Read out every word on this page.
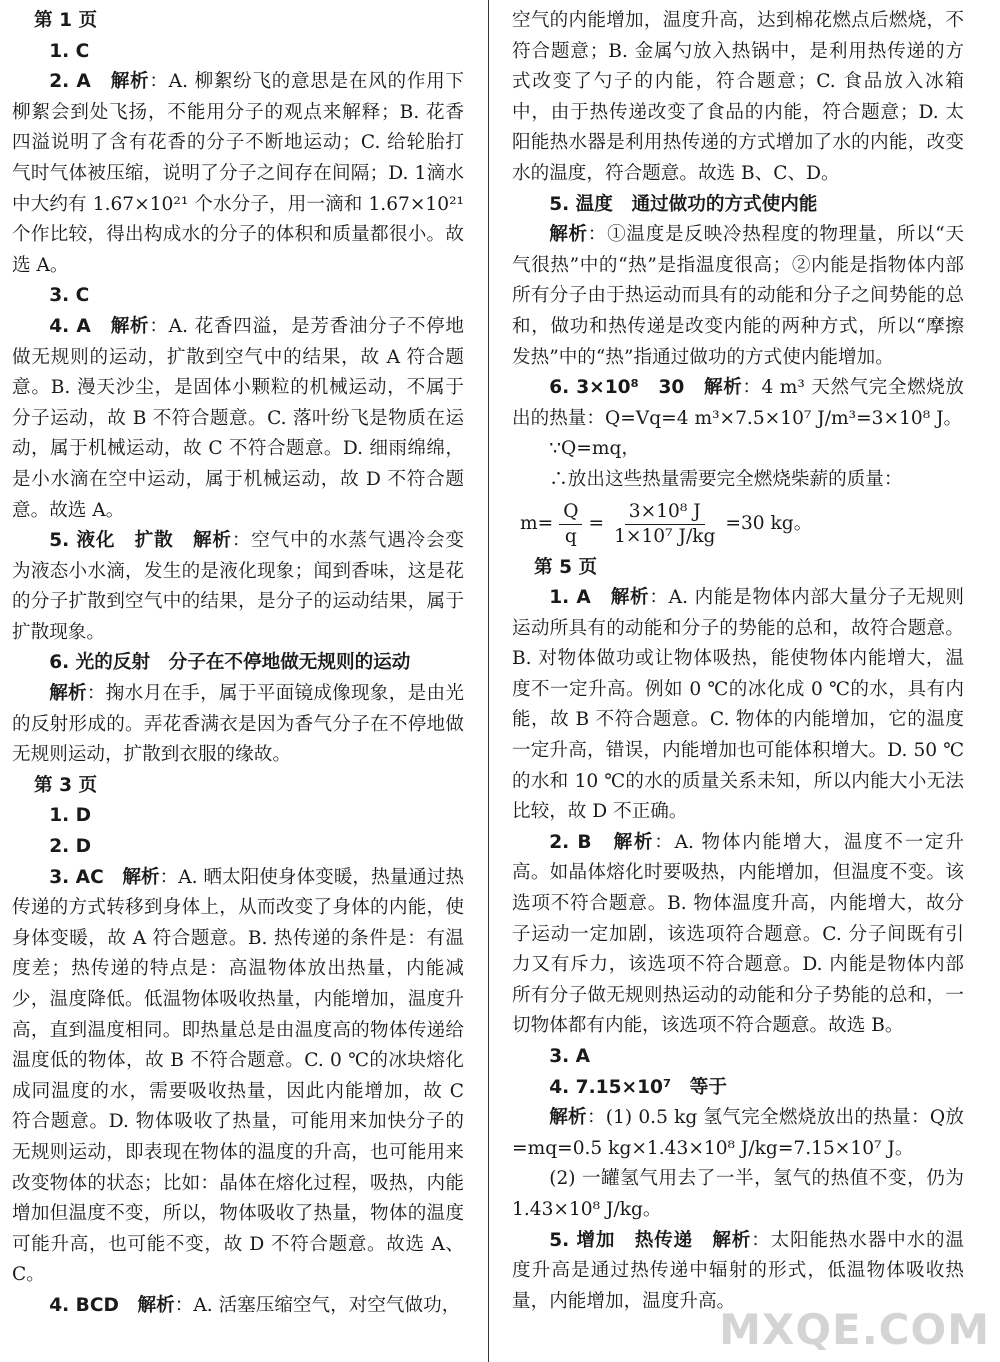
第 1 页

1. C

2. A　 解析：A. 柳絮纷飞的意思是在风的作用下柳絮会到处飞扬，不能用分子的观点来解释；B. 花香四溢说明了含有花香的分子不断地运动；C. 给轮胎打气时气体被压缩，说明了分子之间存在间隔；D. 1滴水中大约有 1.67×10²¹ 个水分子，用一滴和 1.67×10²¹ 个作比较，得出构成水的分子的体积和质量都很小。故选 A。

3. C

4. A　 解析：A. 花香四溢，是芳香油分子不停地做无规则的运动，扩散到空气中的结果，故 A 符合题意。B. 漫天沙尘，是固体小颗粒的机械运动，不属于分子运动，故 B 不符合题意。C. 落叶纷飞是物质在运动，属于机械运动，故 C 不符合题意。D. 细雨绵绵，是小水滴在空中运动，属于机械运动，故 D 不符合题意。故选 A。

5. 液化　扩散　 解析：空气中的水蒸气遇冷会变为液态小水滴，发生的是液化现象；闻到香味，这是花的分子扩散到空气中的结果，是分子的运动结果，属于扩散现象。

6. 光的反射　分子在不停地做无规则的运动

解析：掬水月在手，属于平面镜成像现象，是由光的反射形成的。弄花香满衣是因为香气分子在不停地做无规则运动，扩散到衣服的缘故。

第 3 页

1. D

2. D

3. AC　 解析：A. 晒太阳使身体变暖，热量通过热传递的方式转移到身体上，从而改变了身体的内能，使身体变暖，故 A 符合题意。B. 热传递的条件是：有温度差；热传递的特点是：高温物体放出热量，内能减少，温度降低。低温物体吸收热量，内能增加，温度升高，直到温度相同。即热量总是由温度高的物体传递给温度低的物体，故 B 不符合题意。C. 0 ℃的冰块熔化成同温度的水，需要吸收热量，因此内能增加，故 C 符合题意。D. 物体吸收了热量，可能用来加快分子的无规则运动，即表现在物体的温度的升高，也可能用来改变物体的状态；比如：晶体在熔化过程，吸热，内能增加但温度不变，所以，物体吸收了热量，物体的温度可能升高，也可能不变，故 D 不符合题意。故选 A、C。

4. BCD　 解析：A. 活塞压缩空气，对空气做功，

空气的内能增加，温度升高，达到棉花燃点后燃烧，不符合题意；B. 金属勺放入热锅中，是利用热传递的方式改变了勺子的内能，符合题意；C. 食品放入冰箱中，由于热传递改变了食品的内能，符合题意；D. 太阳能热水器是利用热传递的方式增加了水的内能，改变水的温度，符合题意。故选 B、C、D。

5. 温度　通过做功的方式使内能

解析：①温度是反映冷热程度的物理量，所以“天气很热”中的“热”是指温度很高；②内能是指物体内部所有分子由于热运动而具有的动能和分子之间势能的总和，做功和热传递是改变内能的两种方式，所以“摩擦发热”中的“热”指通过做功的方式使内能增加。

6. 3×10⁸　30　 解析：4 m³ 天然气完全燃烧放出的热量：Q=Vq=4 m³×7.5×10⁷ J/m³=3×10⁸ J。

∵Q=mq，

∴放出这些热量需要完全燃烧柴薪的质量：

$m= \frac{Q}{q} = \frac{\text{3×10⁸ J}}{\text{1×10⁷ J/kg}} =30$ kg。
第 5 页

1. A　 解析：A. 内能是物体内部大量分子无规则运动所具有的动能和分子的势能的总和，故符合题意。B. 对物体做功或让物体吸热，能使物体内能增大，温度不一定升高。例如 0 ℃的冰化成 0 ℃的水，具有内能，故 B 不符合题意。C. 物体的内能增加，它的温度一定升高，错误，内能增加也可能体积增大。D. 50 ℃的水和 10 ℃的水的质量关系未知，所以内能大小无法比较，故 D 不正确。

2. B　 解析：A. 物体内能增大，温度不一定升高。如晶体熔化时要吸热，内能增加，但温度不变。该选项不符合题意。B. 物体温度升高，内能增大，故分子运动一定加剧，该选项符合题意。C. 分子间既有引力又有斥力，该选项不符合题意。D. 内能是物体内部所有分子做无规则热运动的动能和分子势能的总和，一切物体都有内能，该选项不符合题意。故选 B。

3. A

4. 7.15×10⁷　等于

解析：(1) 0.5 kg 氢气完全燃烧放出的热量：Q放=mq=0.5 kg×1.43×10⁸ J/kg=7.15×10⁷ J。

(2) 一罐氢气用去了一半，氢气的热值不变，仍为 1.43×10⁸ J/kg。

5. 增加　热传递　 解析：太阳能热水器中水的温度升高是通过热传递中辐射的形式，低温物体吸收热量，内能增加，温度升高。

MXQE.COM
